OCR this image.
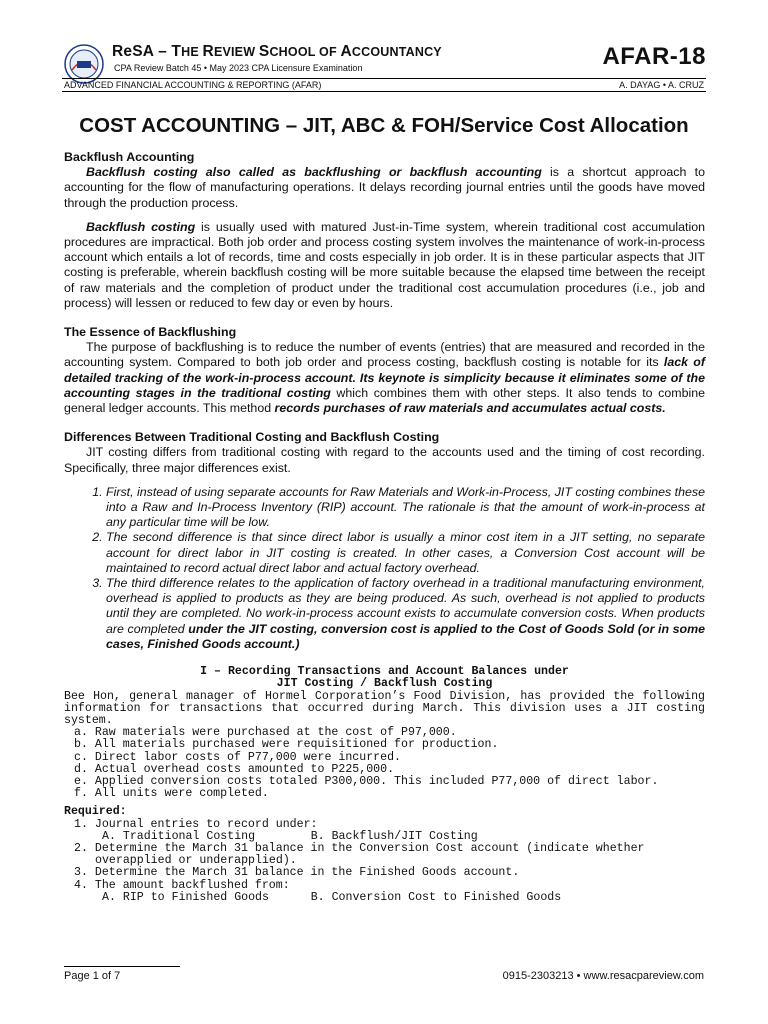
ReSA – THE REVIEW SCHOOL OF ACCOUNTANCY
CPA Review Batch 45 • May 2023 CPA Licensure Examination	AFAR-18
ADVANCED FINANCIAL ACCOUNTING & REPORTING (AFAR)	A. DAYAG • A. CRUZ
COST ACCOUNTING – JIT, ABC & FOH/Service Cost Allocation
Backflush Accounting

Backflush costing also called as backflushing or backflush accounting is a shortcut approach to accounting for the flow of manufacturing operations. It delays recording journal entries until the goods have moved through the production process.

Backflush costing is usually used with matured Just-in-Time system, wherein traditional cost accumulation procedures are impractical. Both job order and process costing system involves the maintenance of work-in-process account which entails a lot of records, time and costs especially in job order. It is in these particular aspects that JIT costing is preferable, wherein backflush costing will be more suitable because the elapsed time between the receipt of raw materials and the completion of product under the traditional cost accumulation procedures (i.e., job and process) will lessen or reduced to few day or even by hours.

The Essence of Backflushing

The purpose of backflushing is to reduce the number of events (entries) that are measured and recorded in the accounting system. Compared to both job order and process costing, backflush costing is notable for its lack of detailed tracking of the work-in-process account. Its keynote is simplicity because it eliminates some of the accounting stages in the traditional costing which combines them with other steps. It also tends to combine general ledger accounts. This method records purchases of raw materials and accumulates actual costs.

Differences Between Traditional Costing and Backflush Costing

JIT costing differs from traditional costing with regard to the accounts used and the timing of cost recording. Specifically, three major differences exist.

1. First, instead of using separate accounts for Raw Materials and Work-in-Process, JIT costing combines these into a Raw and In-Process Inventory (RIP) account. The rationale is that the amount of work-in-process at any particular time will be low.
2. The second difference is that since direct labor is usually a minor cost item in a JIT setting, no separate account for direct labor in JIT costing is created. In other cases, a Conversion Cost account will be maintained to record actual direct labor and actual factory overhead.
3. The third difference relates to the application of factory overhead in a traditional manufacturing environment, overhead is applied to products as they are being produced. As such, overhead is not applied to products until they are completed. No work-in-process account exists to accumulate conversion costs. When products are completed under the JIT costing, conversion cost is applied to the Cost of Goods Sold (or in some cases, Finished Goods account.)
I – Recording Transactions and Account Balances under
JIT Costing / Backflush Costing

Bee Hon, general manager of Hormel Corporation’s Food Division, has provided the following information for transactions that occurred during March. This division uses a JIT costing system.

a. Raw materials were purchased at the cost of P97,000.
b. All materials purchased were requisitioned for production.
c. Direct labor costs of P77,000 were incurred.
d. Actual overhead costs amounted to P225,000.
e. Applied conversion costs totaled P300,000. This included P77,000 of direct labor.
f. All units were completed.
Required:
1. Journal entries to record under:
A. Traditional Costing        B. Backflush/JIT Costing
2. Determine the March 31 balance in the Conversion Cost account (indicate whether
overapplied or underapplied).
3. Determine the March 31 balance in the Finished Goods account.
4. The amount backflushed from:
A. RIP to Finished Goods      B. Conversion Cost to Finished Goods
Page 1 of 7	0915-2303213 • www.resacpareview.com
